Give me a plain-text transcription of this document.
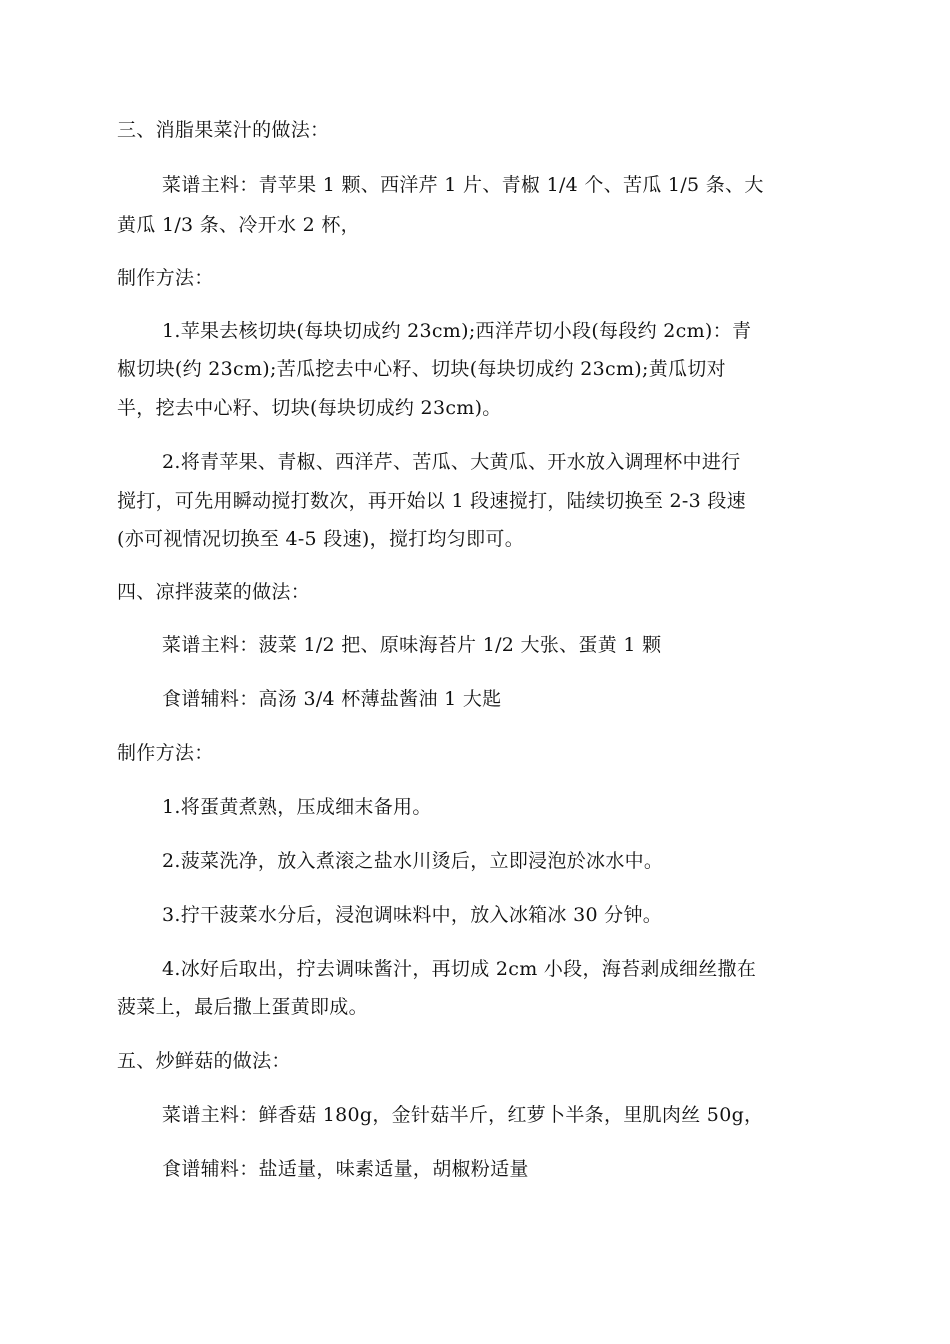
三、消脂果菜汁的做法：
菜谱主料：青苹果 1 颗、西洋芹 1 片、青椒 1/4 个、苦瓜 1/5 条、大
黄瓜 1/3 条、冷开水 2 杯，
制作方法：
1.苹果去核切块(每块切成约 23cm);西洋芹切小段(每段约 2cm)：青
椒切块(约 23cm);苦瓜挖去中心籽、切块(每块切成约 23cm);黄瓜切对
半，挖去中心籽、切块(每块切成约 23cm)。
2.将青苹果、青椒、西洋芹、苦瓜、大黄瓜、开水放入调理杯中进行
搅打，可先用瞬动搅打数次，再开始以 1 段速搅打，陆续切换至 2-3 段速
(亦可视情况切换至 4-5 段速)，搅打均匀即可。
四、凉拌菠菜的做法：
菜谱主料：菠菜 1/2 把、原味海苔片 1/2 大张、蛋黄 1 颗
食谱辅料：高汤 3/4 杯薄盐酱油 1 大匙
制作方法：
1.将蛋黄煮熟，压成细末备用。
2.菠菜洗净，放入煮滚之盐水川烫后，立即浸泡於冰水中。
3.拧干菠菜水分后，浸泡调味料中，放入冰箱冰 30 分钟。
4.冰好后取出，拧去调味酱汁，再切成 2cm 小段，海苔剥成细丝撒在
菠菜上，最后撒上蛋黄即成。
五、炒鲜菇的做法：
菜谱主料：鲜香菇 180g，金针菇半斤，红萝卜半条，里肌肉丝 50g，
食谱辅料：盐适量，味素适量，胡椒粉适量
